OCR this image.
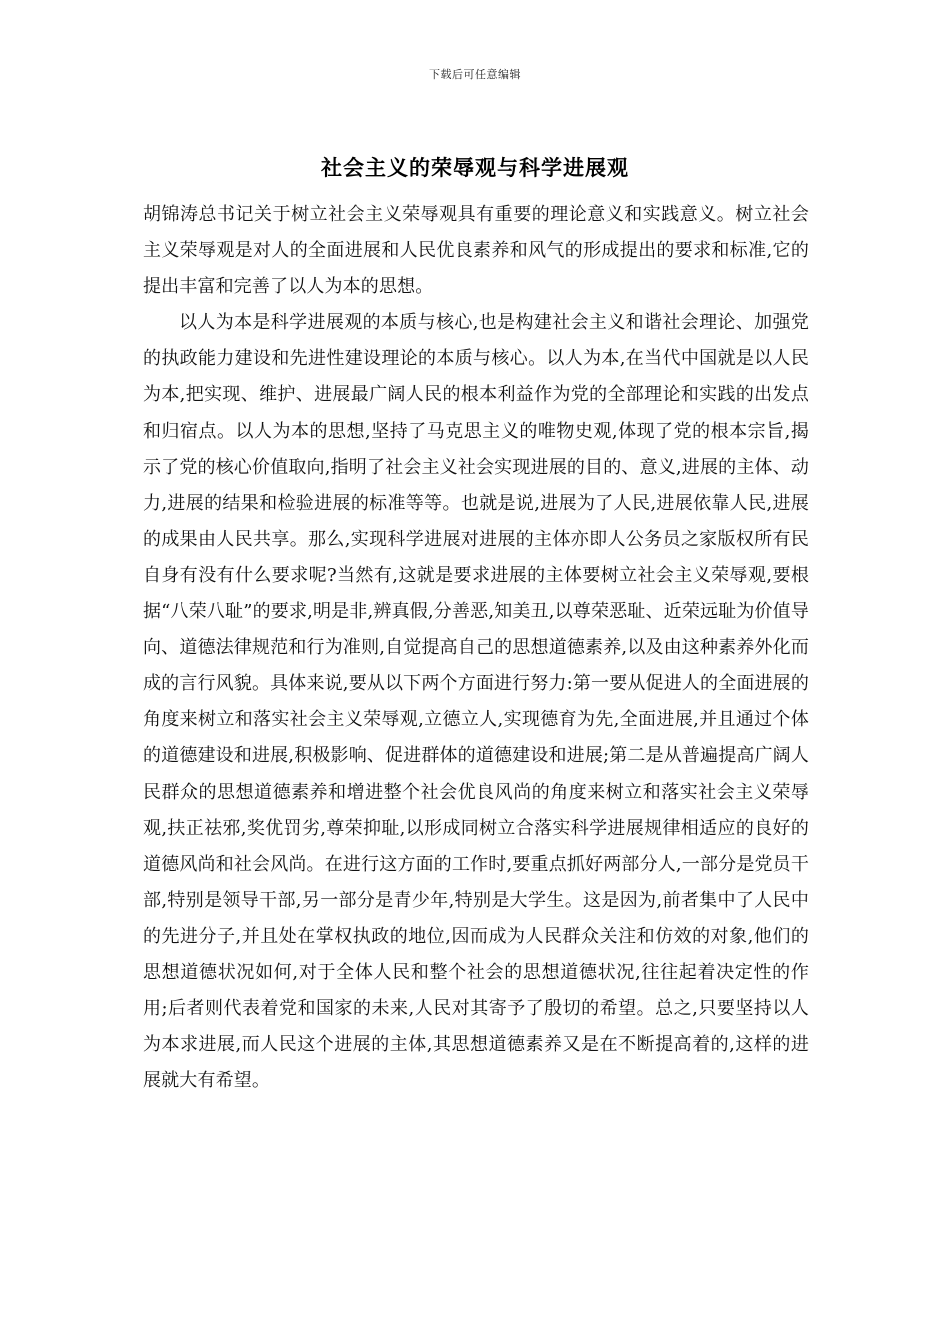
下载后可任意编辑
社会主义的荣辱观与科学进展观

胡锦涛总书记关于树立社会主义荣辱观具有重要的理论意义和实践意义。树立社会主义荣辱观是对人的全面进展和人民优良素养和风气的形成提出的要求和标准,它的提出丰富和完善了以人为本的思想。

以人为本是科学进展观的本质与核心,也是构建社会主义和谐社会理论、加强党的执政能力建设和先进性建设理论的本质与核心。以人为本,在当代中国就是以人民为本,把实现、维护、进展最广阔人民的根本利益作为党的全部理论和实践的出发点和归宿点。以人为本的思想,坚持了马克思主义的唯物史观,体现了党的根本宗旨,揭示了党的核心价值取向,指明了社会主义社会实现进展的目的、意义,进展的主体、动力,进展的结果和检验进展的标准等等。也就是说,进展为了人民,进展依靠人民,进展的成果由人民共享。那么,实现科学进展对进展的主体亦即人公务员之家版权所有民自身有没有什么要求呢?当然有,这就是要求进展的主体要树立社会主义荣辱观,要根据“八荣八耻”的要求,明是非,辨真假,分善恶,知美丑,以尊荣恶耻、近荣远耻为价值导向、道德法律规范和行为准则,自觉提高自己的思想道德素养,以及由这种素养外化而成的言行风貌。具体来说,要从以下两个方面进行努力:第一要从促进人的全面进展的角度来树立和落实社会主义荣辱观,立德立人,实现德育为先,全面进展,并且通过个体的道德建设和进展,积极影响、促进群体的道德建设和进展;第二是从普遍提高广阔人民群众的思想道德素养和增进整个社会优良风尚的角度来树立和落实社会主义荣辱观,扶正祛邪,奖优罚劣,尊荣抑耻,以形成同树立合落实科学进展规律相适应的良好的道德风尚和社会风尚。在进行这方面的工作时,要重点抓好两部分人,一部分是党员干部,特别是领导干部,另一部分是青少年,特别是大学生。这是因为,前者集中了人民中的先进分子,并且处在掌权执政的地位,因而成为人民群众关注和仿效的对象,他们的思想道德状况如何,对于全体人民和整个社会的思想道德状况,往往起着决定性的作用;后者则代表着党和国家的未来,人民对其寄予了殷切的希望。总之,只要坚持以人为本求进展,而人民这个进展的主体,其思想道德素养又是在不断提高着的,这样的进展就大有希望。
